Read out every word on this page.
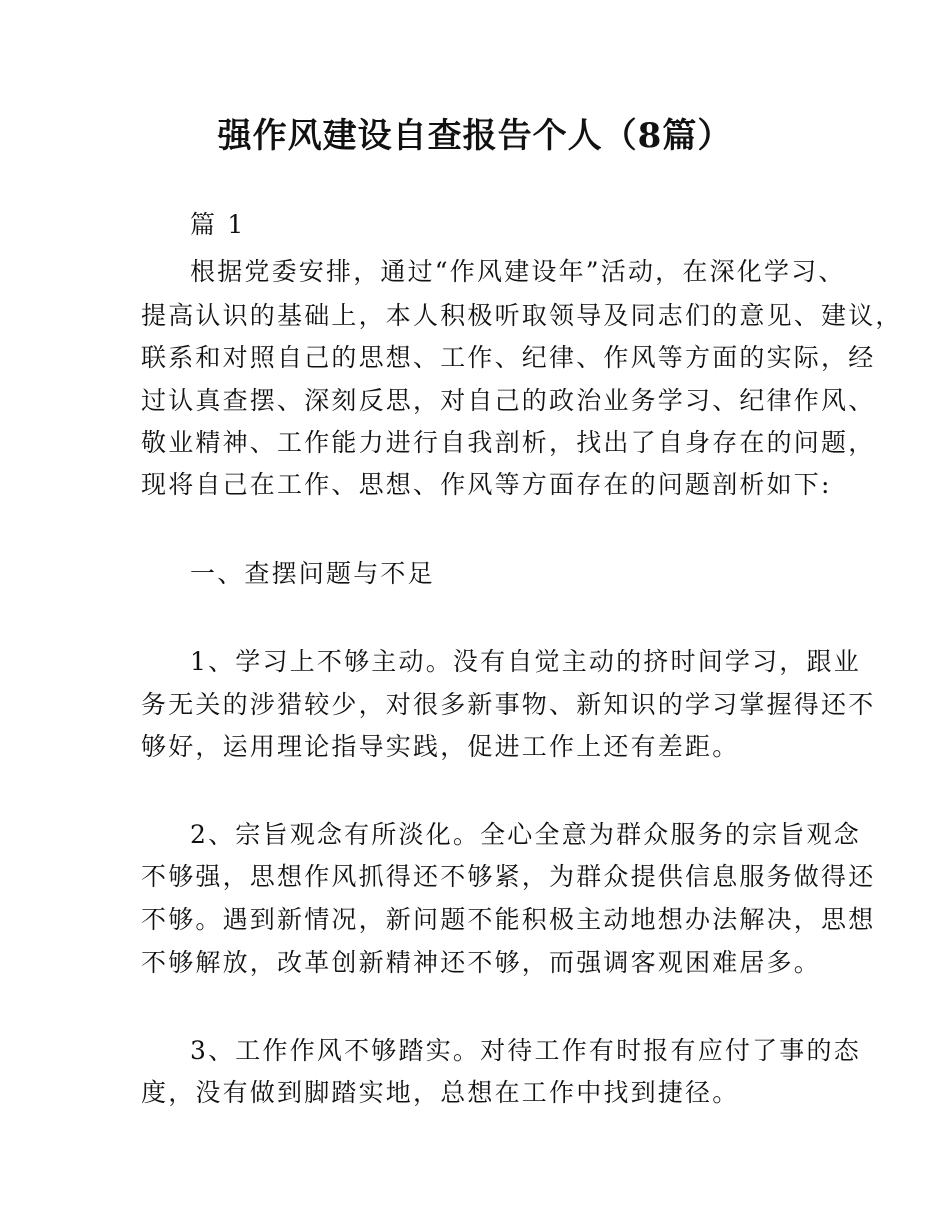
强作风建设自查报告个人（8篇）
篇 1
根据党委安排，通过“作风建设年”活动，在深化学习、
提高认识的基础上，本人积极听取领导及同志们的意见、建议，
联系和对照自己的思想、工作、纪律、作风等方面的实际，经
过认真查摆、深刻反思，对自己的政治业务学习、纪律作风、
敬业精神、工作能力进行自我剖析，找出了自身存在的问题，
现将自己在工作、思想、作风等方面存在的问题剖析如下:
一、查摆问题与不足
1、学习上不够主动。没有自觉主动的挤时间学习，跟业
务无关的涉猎较少，对很多新事物、新知识的学习掌握得还不
够好，运用理论指导实践，促进工作上还有差距。
2、宗旨观念有所淡化。全心全意为群众服务的宗旨观念
不够强，思想作风抓得还不够紧，为群众提供信息服务做得还
不够。遇到新情况，新问题不能积极主动地想办法解决，思想
不够解放，改革创新精神还不够，而强调客观困难居多。
3、工作作风不够踏实。对待工作有时报有应付了事的态
度，没有做到脚踏实地，总想在工作中找到捷径。
